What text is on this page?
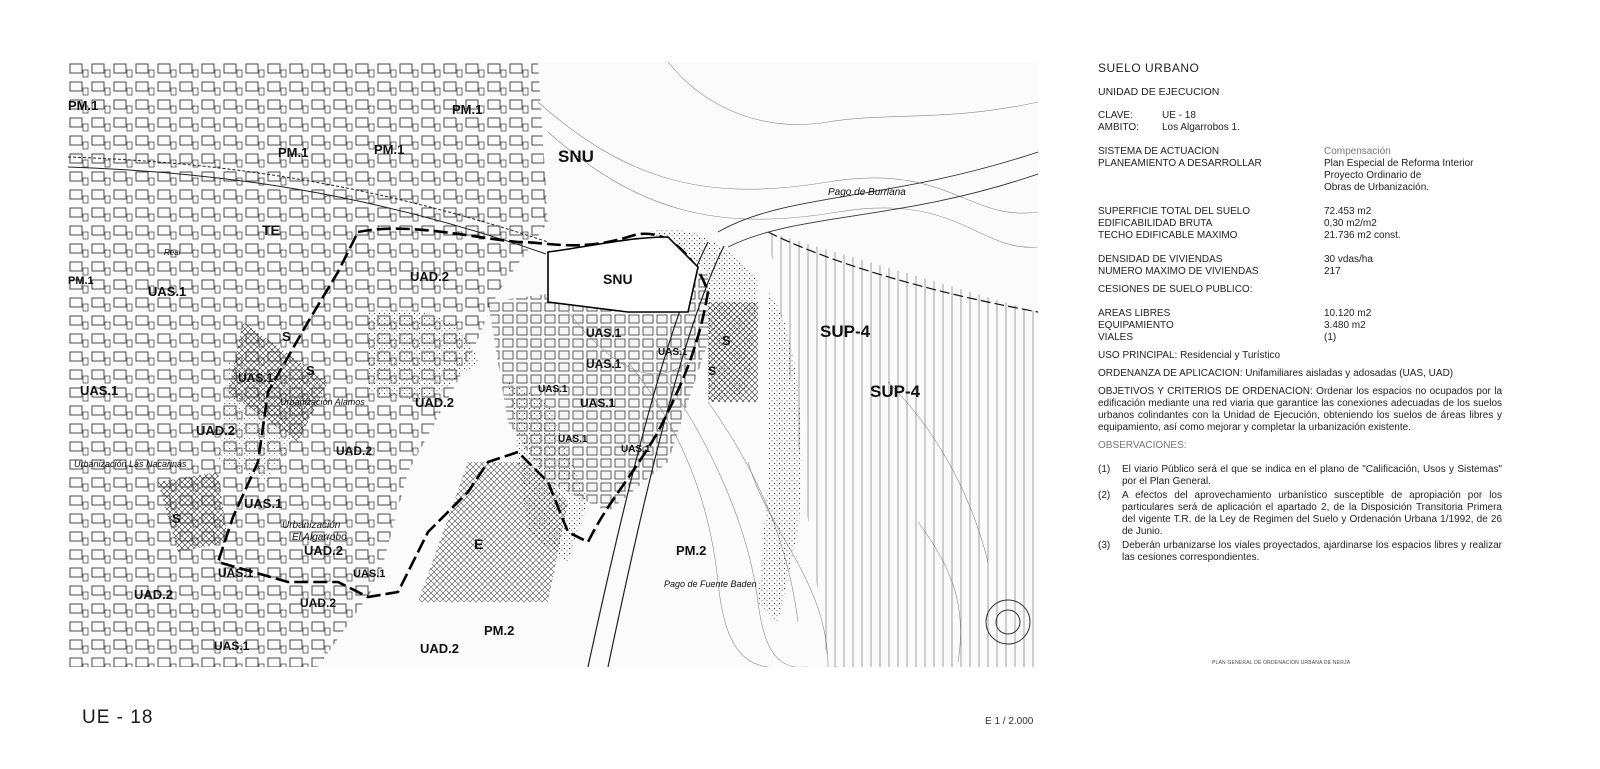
SNU
SNU
SUP-4
SUP-4
TE
PM.1
PM.1	PM.1
PM.1
PM.1	UAD.2
UAD.2
UAD.2
UAD.2
UAD.2
UAD.2
UAD.2
UAD.2
UAS.1
UAS.1
UAS.1
UAS.1
UAS.1
UAS.1
UAS.1
UAS.1
UAS.1
UAS.1
UAS.1
UAS.1	UAS.1
UAS.1
S
S
S
S
S
E	PM.2
PM.2
Urbanización
El Algarrobo
Urbanización Las Nacarinas
Urbanización Alamos
Pago de Burriana
Pago de Fuente Baden
Real
UE - 18	E 1 / 2.000
SUELO URBANO
UNIDAD DE EJECUCION
CLAVE:	UE - 18
AMBITO:	Los Algarrobos 1.
SISTEMA DE ACTUACION	Compensación
PLANEAMIENTO A DESARROLLAR	Plan Especial de Reforma Interior
Proyecto Ordinario de
Obras de Urbanización.
SUPERFICIE TOTAL DEL SUELO	72.453 m2
EDIFICABILIDAD BRUTA	0,30 m2/m2
TECHO EDIFICABLE MAXIMO	21.736 m2 const.
DENSIDAD DE VIVIENDAS	30 vdas/ha
NUMERO MAXIMO DE VIVIENDAS	217
CESIONES DE SUELO PUBLICO:
AREAS LIBRES	10.120 m2
EQUIPAMIENTO	3.480 m2
VIALES	(1)
USO PRINCIPAL: Residencial y Turístico
ORDENANZA DE APLICACION: Unifamiliares aisladas y adosadas (UAS, UAD)
OBJETIVOS Y CRITERIOS DE ORDENACION: Ordenar los espacios no ocupados por la edificación mediante una red viaria que garantice las conexiones adecuadas de los suelos urbanos colindantes con la Unidad de Ejecución, obteniendo los suelos de áreas libres y equipamiento, así como mejorar y completar la urbanización existente.
OBSERVACIONES:
(1)	El viario Público será el que se indica en el plano de "Calificación, Usos y Sistemas" por el Plan General.
(2)	A efectos del aprovechamiento urbanístico susceptible de apropiación por los particulares será de aplicación el apartado 2, de la Disposición Transitoria Primera del vigente T.R. de la Ley de Regimen del Suelo y Ordenación Urbana 1/1992, de 26 de Junio.
(3)	Deberán urbanizarse los viales proyectados, ajardinarse los espacios libres y realizar las cesiones correspondientes.
PLAN GENERAL DE ORDENACION URBANA DE NERJA
